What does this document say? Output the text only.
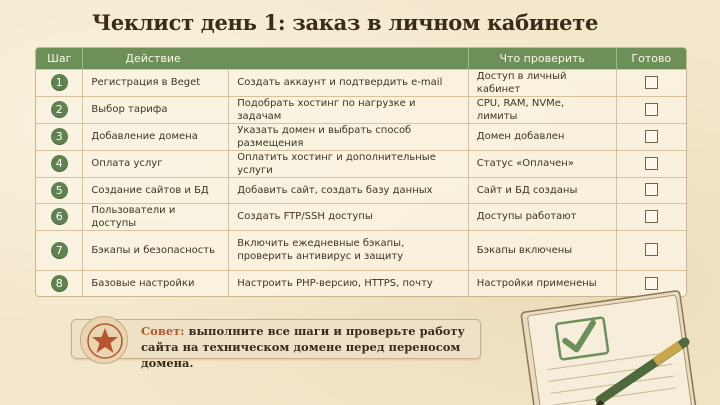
Чеклист день 1: заказ в личном кабинете
Шаг	Действие		Что проверить	Готово
1	Регистрация в Beget	Создать аккаунт и подтвердить e-mail	Доступ в личный кабинет	
2	Выбор тарифа	Подобрать хостинг по нагрузке и задачам	CPU, RAM, NVMe, лимиты	
3	Добавление домена	Указать домен и выбрать способ размещения	Домен добавлен	
4	Оплата услуг	Оплатить хостинг и дополнительные услуги	Статус «Оплачен»	
5	Создание сайтов и БД	Добавить сайт, создать базу данных	Сайт и БД созданы	
6	Пользователи и доступы	Создать FTP/SSH доступы	Доступы работают	
7	Бэкапы и безопасность	Включить ежедневные бэкапы, проверить антивирус и защиту	Бэкапы включены	
8	Базовые настройки	Настроить PHP-версию, HTTPS, почту	Настройки применены	
Совет: выполните все шаги и проверьте работу сайта на техническом домене перед переносом домена.
